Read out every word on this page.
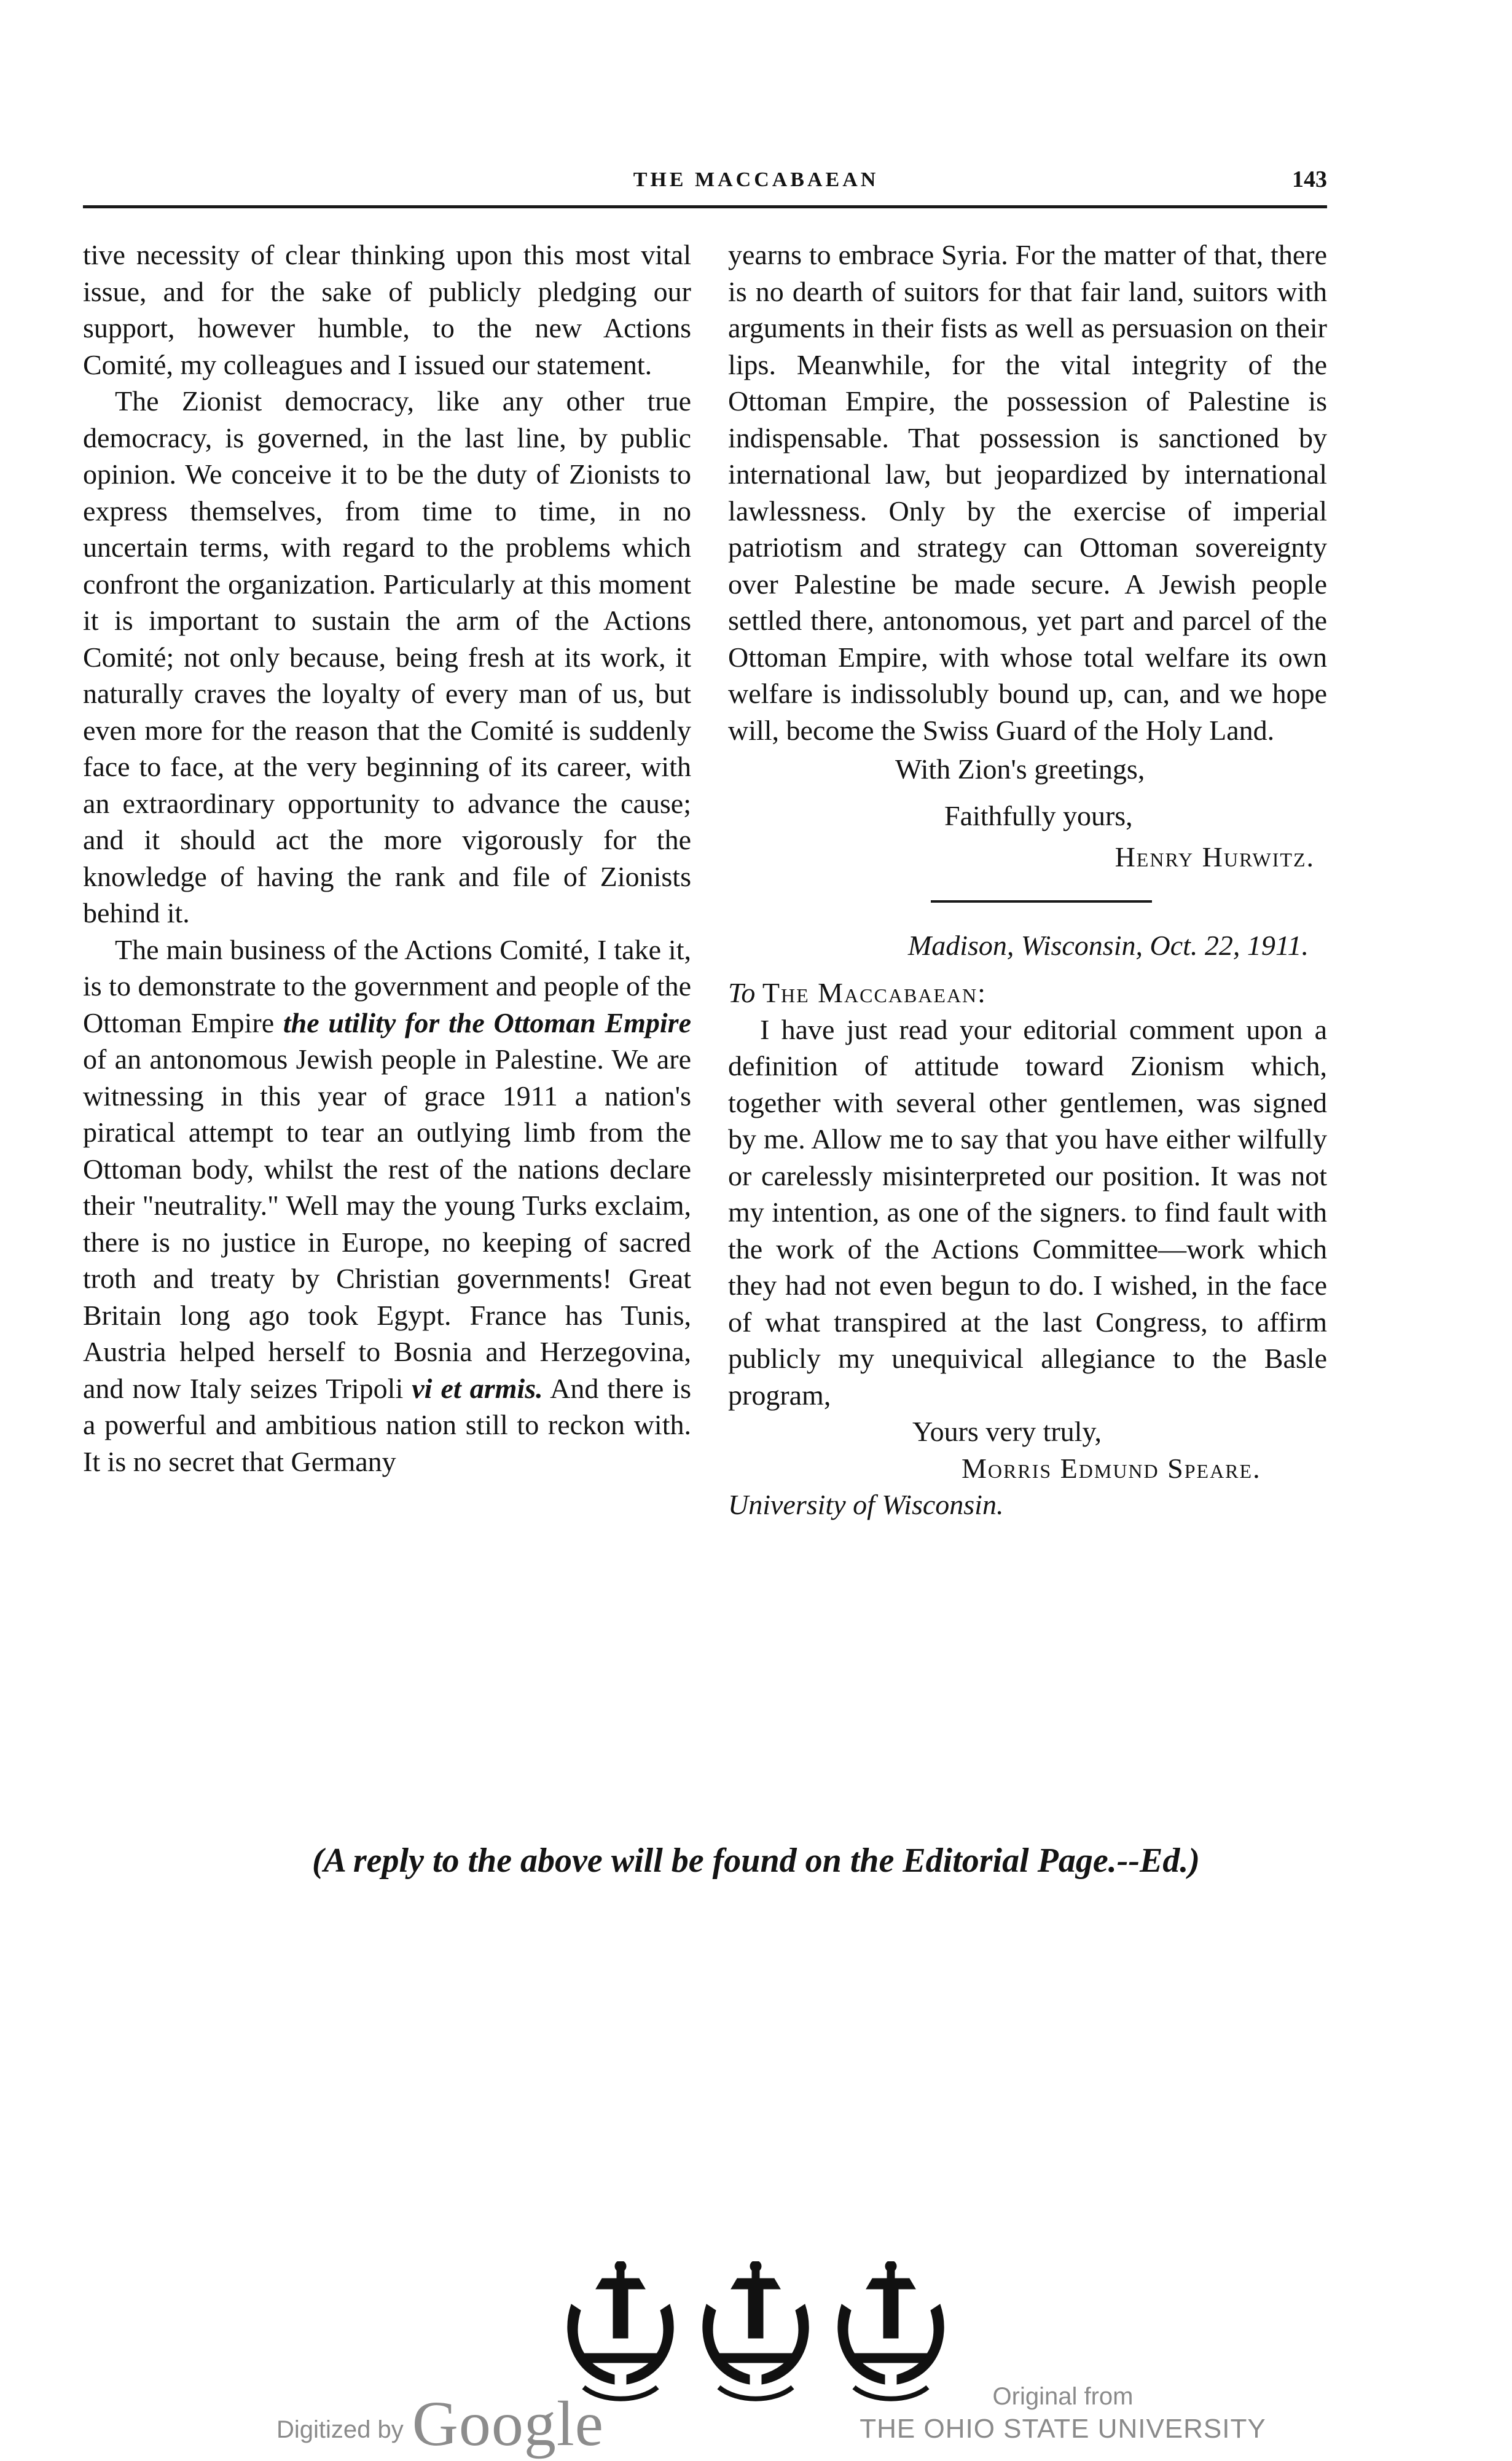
THE MACCABAEAN	143

tive necessity of clear thinking upon this most vital issue, and for the sake of publicly pledging our support, however humble, to the new Actions Comité, my colleagues and I issued our statement.

The Zionist democracy, like any other true democracy, is governed, in the last line, by public opinion. We conceive it to be the duty of Zionists to express themselves, from time to time, in no uncertain terms, with regard to the problems which confront the organization. Particularly at this moment it is important to sustain the arm of the Actions Comité; not only because, being fresh at its work, it naturally craves the loyalty of every man of us, but even more for the reason that the Comité is suddenly face to face, at the very beginning of its career, with an extraordinary opportunity to advance the cause; and it should act the more vigorously for the knowledge of having the rank and file of Zionists behind it.

The main business of the Actions Comité, I take it, is to demonstrate to the government and people of the Ottoman Empire the utility for the Ottoman Empire of an antonomous Jewish people in Palestine. We are witnessing in this year of grace 1911 a nation's piratical attempt to tear an outlying limb from the Ottoman body, whilst the rest of the nations declare their "neutrality." Well may the young Turks exclaim, there is no justice in Europe, no keeping of sacred troth and treaty by Christian governments! Great Britain long ago took Egypt. France has Tunis, Austria helped herself to Bosnia and Herzegovina, and now Italy seizes Tripoli vi et armis. And there is a powerful and ambitious nation still to reckon with. It is no secret that Germany

yearns to embrace Syria. For the matter of that, there is no dearth of suitors for that fair land, suitors with arguments in their fists as well as persuasion on their lips. Meanwhile, for the vital integrity of the Ottoman Empire, the possession of Palestine is indispensable. That possession is sanctioned by international law, but jeopardized by international lawlessness. Only by the exercise of imperial patriotism and strategy can Ottoman sovereignty over Palestine be made secure. A Jewish people settled there, antonomous, yet part and parcel of the Ottoman Empire, with whose total welfare its own welfare is indissolubly bound up, can, and we hope will, become the Swiss Guard of the Holy Land.

With Zion's greetings,

Faithfully yours,

Henry Hurwitz.

Madison, Wisconsin, Oct. 22, 1911.

To The Maccabaean:

I have just read your editorial comment upon a definition of attitude toward Zionism which, together with several other gentlemen, was signed by me. Allow me to say that you have either wilfully or carelessly misinterpreted our position. It was not my intention, as one of the signers. to find fault with the work of the Actions Committee—work which they had not even begun to do. I wished, in the face of what transpired at the last Congress, to affirm publicly my unequivical allegiance to the Basle program,

Yours very truly,

Morris Edmund Speare.

University of Wisconsin.

(A reply to the above will be found on the Editorial Page.--Ed.)
Digitized by Google	Original from
THE OHIO STATE UNIVERSITY
